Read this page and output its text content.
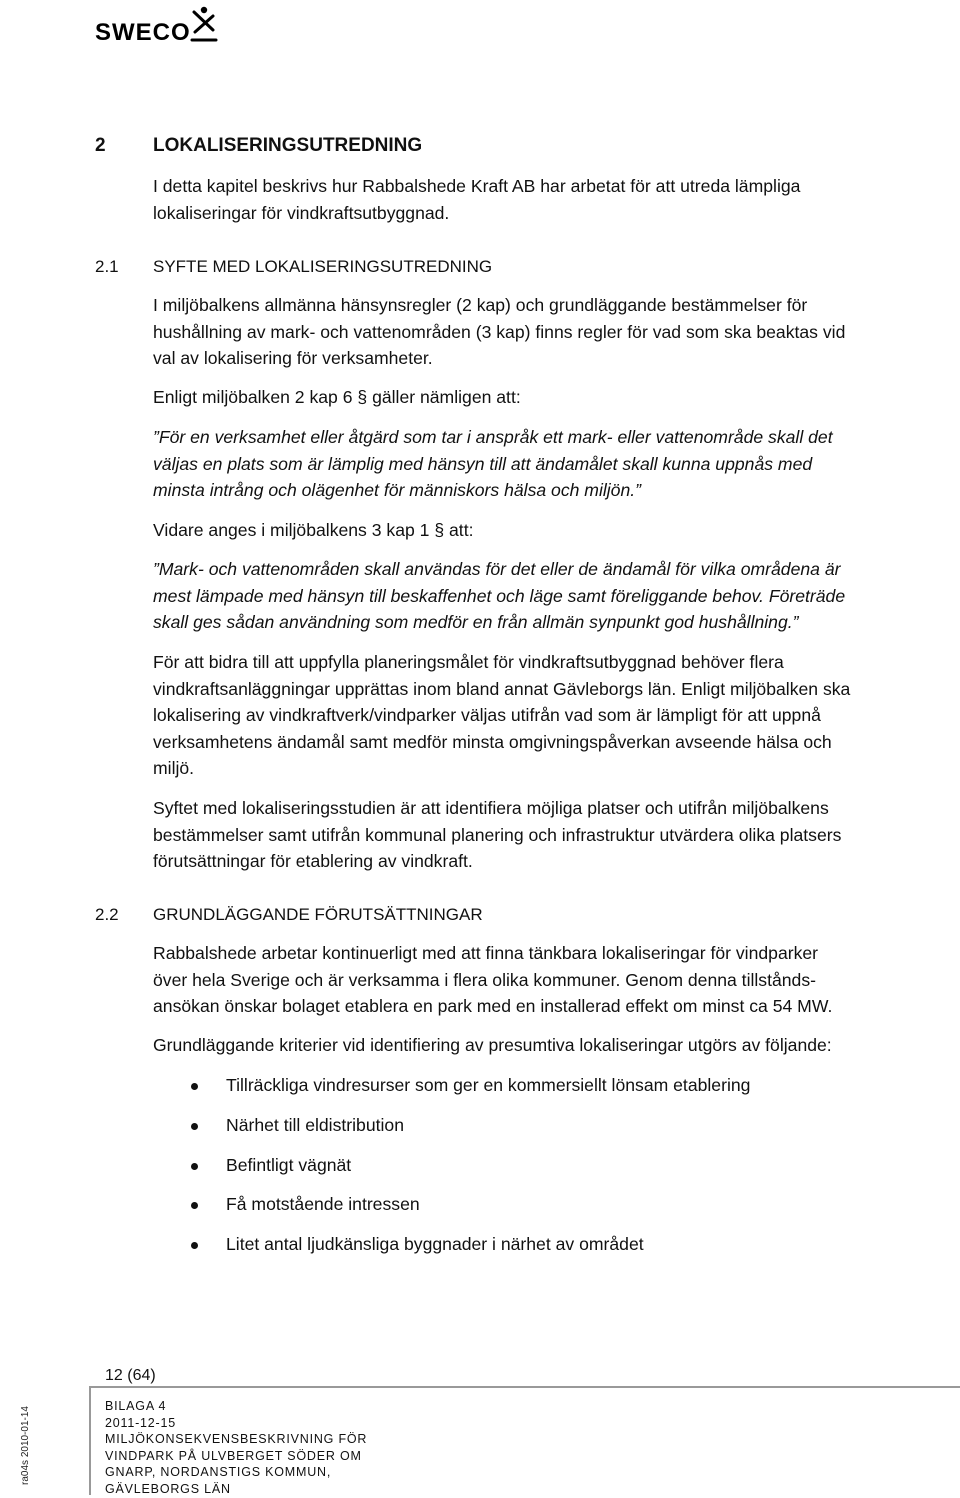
SWECO
2 LOKALISERINGSUTREDNING
I detta kapitel beskrivs hur Rabbalshede Kraft AB har arbetat för att utreda lämpliga
lokaliseringar för vindkraftsutbyggnad.
2.1 SYFTE MED LOKALISERINGSUTREDNING
I miljöbalkens allmänna hänsynsregler (2 kap) och grundläggande bestämmelser för
hushållning av mark- och vattenområden (3 kap) finns regler för vad som ska beaktas vid
val av lokalisering för verksamheter.
Enligt miljöbalken 2 kap 6 § gäller nämligen att:
”För en verksamhet eller åtgärd som tar i anspråk ett mark- eller vattenområde skall det
väljas en plats som är lämplig med hänsyn till att ändamålet skall kunna uppnås med
minsta intrång och olägenhet för människors hälsa och miljön.”
Vidare anges i miljöbalkens 3 kap 1 § att:
”Mark- och vattenområden skall användas för det eller de ändamål för vilka områdena är
mest lämpade med hänsyn till beskaffenhet och läge samt föreliggande behov. Företräde
skall ges sådan användning som medför en från allmän synpunkt god hushållning.”
För att bidra till att uppfylla planeringsmålet för vindkraftsutbyggnad behöver flera
vindkraftsanläggningar upprättas inom bland annat Gävleborgs län. Enligt miljöbalken ska
lokalisering av vindkraftverk/vindparker väljas utifrån vad som är lämpligt för att uppnå
verksamhetens ändamål samt medför minsta omgivningspåverkan avseende hälsa och
miljö.
Syftet med lokaliseringsstudien är att identifiera möjliga platser och utifrån miljöbalkens
bestämmelser samt utifrån kommunal planering och infrastruktur utvärdera olika platsers
förutsättningar för etablering av vindkraft.
2.2 GRUNDLÄGGANDE FÖRUTSÄTTNINGAR
Rabbalshede arbetar kontinuerligt med att finna tänkbara lokaliseringar för vindparker
över hela Sverige och är verksamma i flera olika kommuner. Genom denna tillstånds-
ansökan önskar bolaget etablera en park med en installerad effekt om minst ca 54 MW.
Grundläggande kriterier vid identifiering av presumtiva lokaliseringar utgörs av följande:
Tillräckliga vindresurser som ger en kommersiellt lönsam etablering
Närhet till eldistribution
Befintligt vägnät
Få motstående intressen
Litet antal ljudkänsliga byggnader i närhet av området
12 (64)
BILAGA 4
2011-12-15
MILJÖKONSEKVENSBESKRIVNING FÖR
VINDPARK PÅ ULVBERGET SÖDER OM
GNARP, NORDANSTIGS KOMMUN,
GÄVLEBORGS LÄN
ra04s 2010-01-14
